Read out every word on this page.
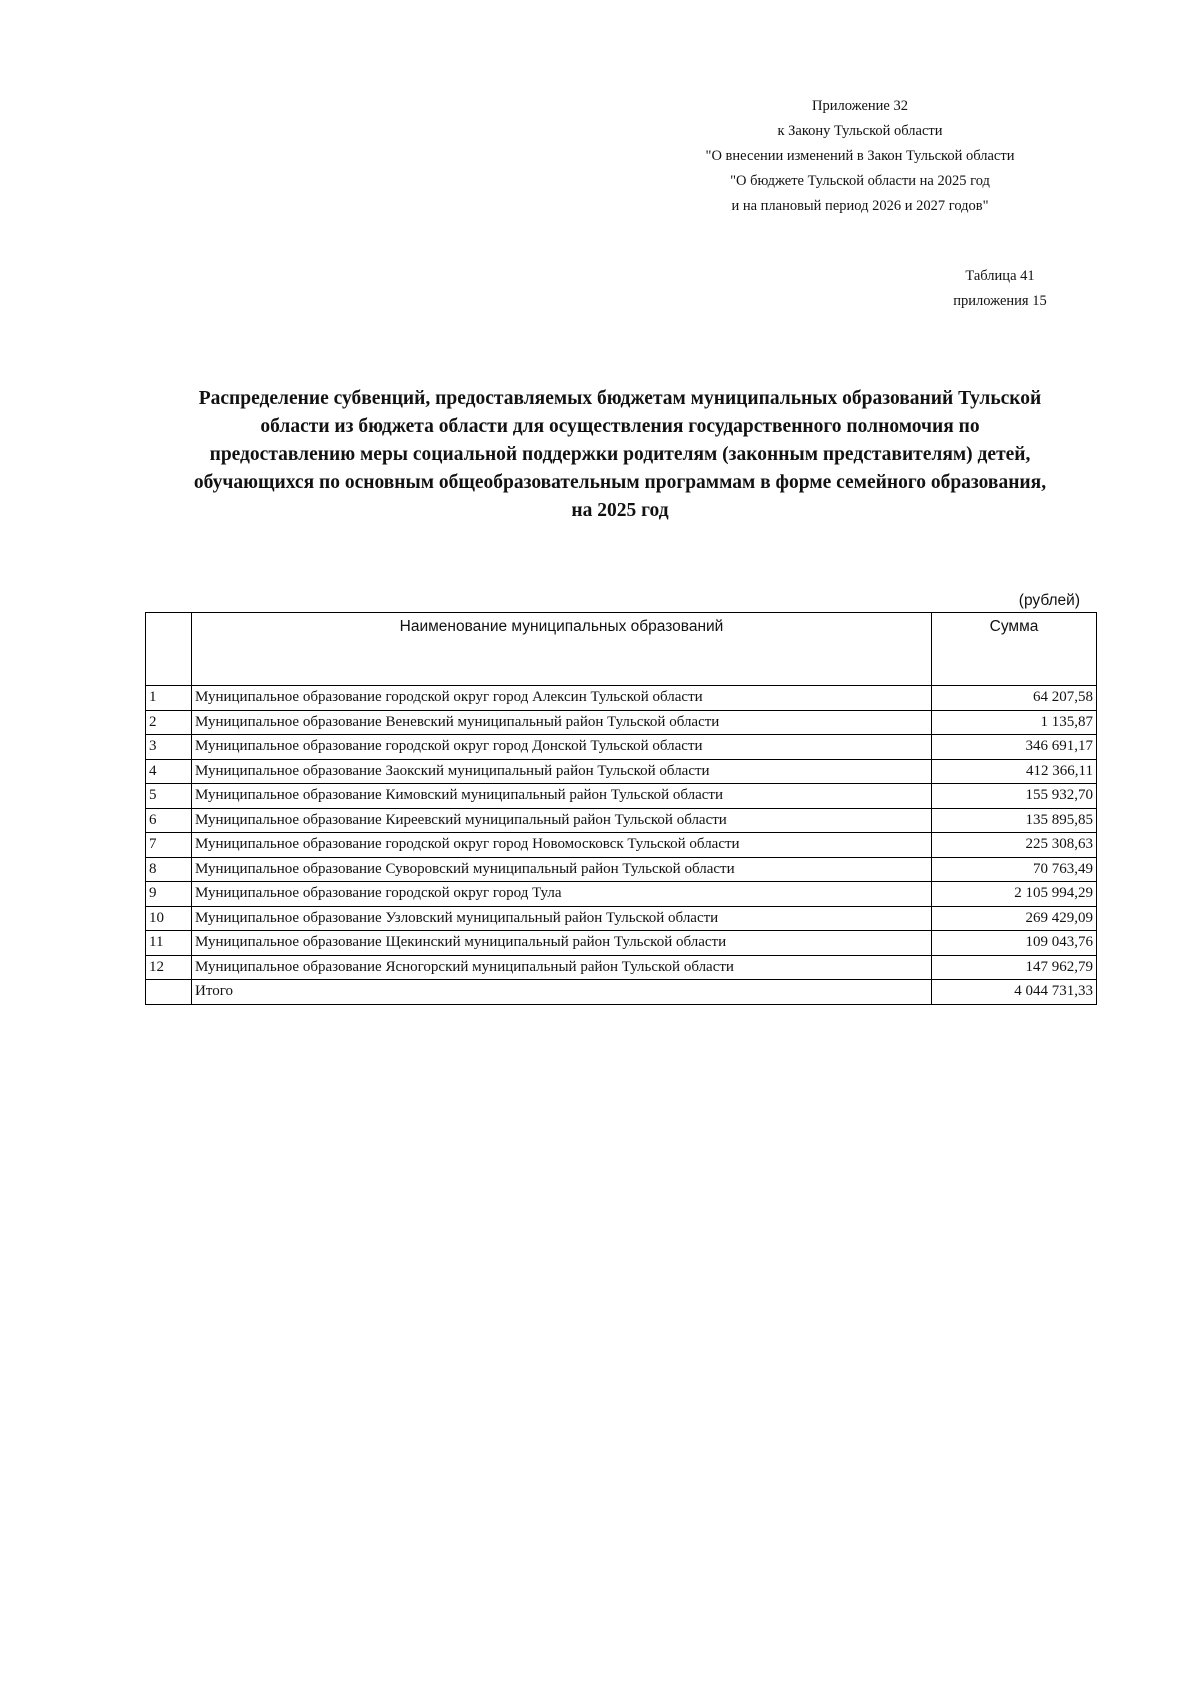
Приложение 32
к Закону Тульской области
"О внесении изменений в Закон Тульской области
"О бюджете Тульской области на 2025 год
и на плановый период 2026 и 2027 годов"
Таблица 41
приложения 15
Распределение субвенций, предоставляемых бюджетам муниципальных образований Тульской
области из бюджета области для осуществления государственного полномочия по
предоставлению меры социальной поддержки родителям (законным представителям) детей,
обучающихся по основным общеобразовательным программам в форме семейного образования,
на 2025 год
(рублей)
	Наименование муниципальных образований	Сумма
1	Муниципальное образование городской округ город Алексин Тульской области	64 207,58
2	Муниципальное образование Веневский муниципальный район Тульской области	1 135,87
3	Муниципальное образование городской округ город Донской Тульской области	346 691,17
4	Муниципальное образование Заокский муниципальный район Тульской области	412 366,11
5	Муниципальное образование Кимовский муниципальный район Тульской области	155 932,70
6	Муниципальное образование Киреевский муниципальный район Тульской области	135 895,85
7	Муниципальное образование городской округ город Новомосковск Тульской области	225 308,63
8	Муниципальное образование Суворовский муниципальный район Тульской области	70 763,49
9	Муниципальное образование городской округ город Тула	2 105 994,29
10	Муниципальное образование Узловский муниципальный район Тульской области	269 429,09
11	Муниципальное образование Щекинский муниципальный район Тульской области	109 043,76
12	Муниципальное образование Ясногорский муниципальный район Тульской области	147 962,79
	Итого	4 044 731,33
